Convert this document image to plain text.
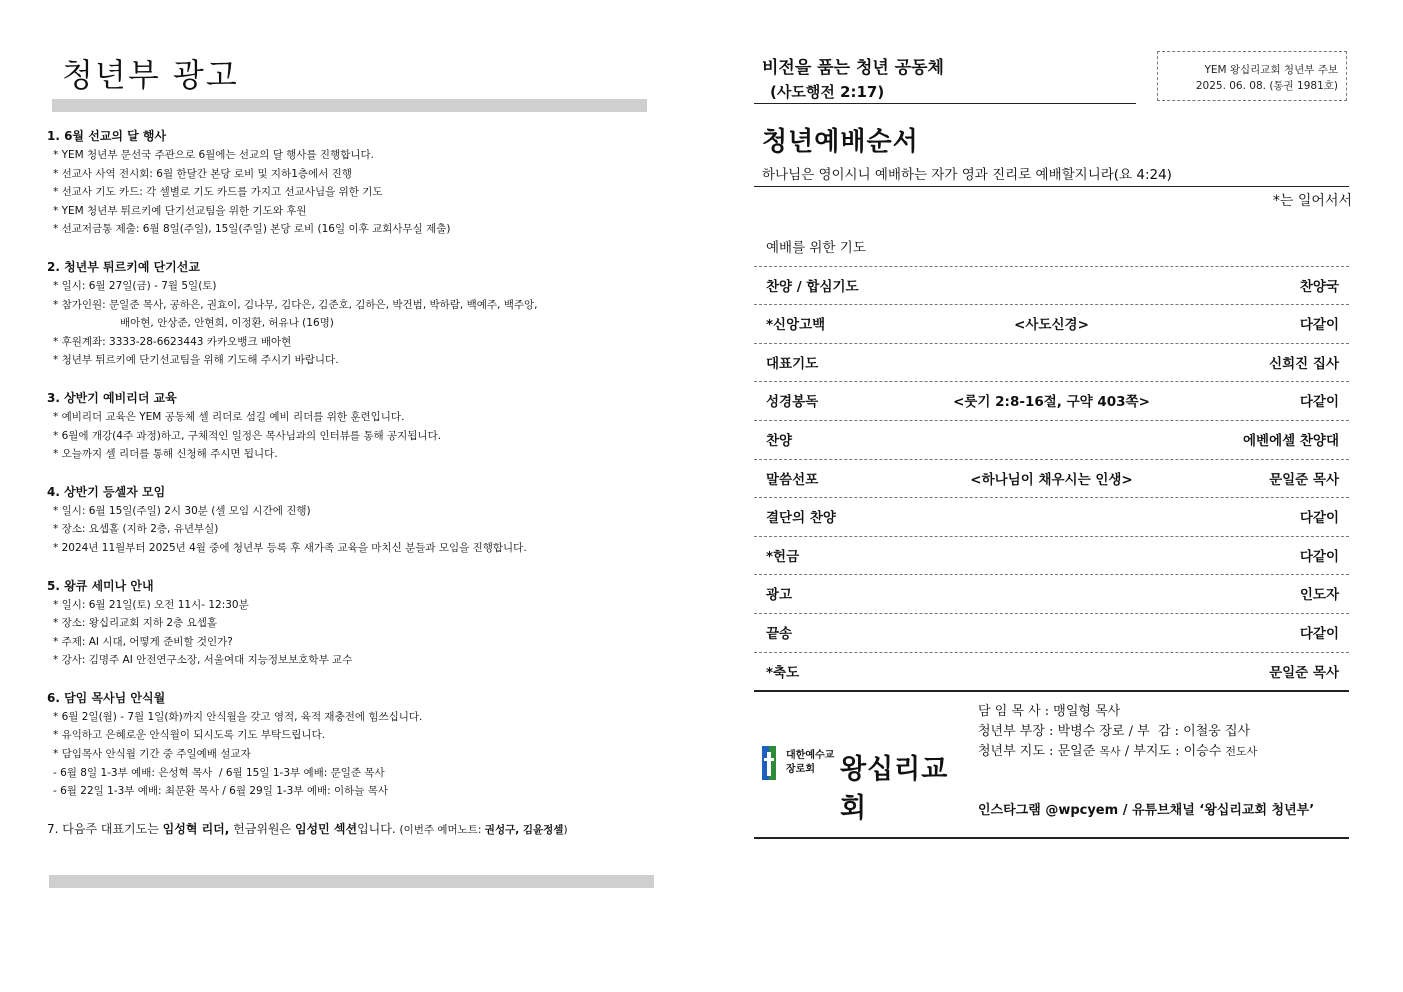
청년부 광고
1. 6월 선교의 달 행사
* YEM 청년부 문선국 주관으로 6월에는 선교의 달 행사를 진행합니다.
* 선교사 사역 전시회: 6월 한달간 본당 로비 및 지하1층에서 진행
* 선교사 기도 카드: 각 셀별로 기도 카드를 가지고 선교사님을 위한 기도
* YEM 청년부 튀르키예 단기선교팀을 위한 기도와 후원
* 선교저금통 제출: 6월 8일(주일), 15일(주일) 본당 로비 (16일 이후 교회사무실 제출)
2. 청년부 튀르키예 단기선교
* 일시: 6월 27일(금) - 7월 5일(토)
* 참가인원: 문일준 목사, 공하은, 권효이, 김나무, 김다은, 김준호, 김하은, 박건범, 박하람, 백예주, 백주앙,
배아현, 안상준, 안현희, 이정환, 허유나 (16명)
* 후원계좌: 3333-28-6623443 카카오뱅크 배아현
* 청년부 튀르키예 단기선교팀을 위해 기도해 주시기 바랍니다.
3. 상반기 예비리더 교육
* 예비리더 교육은 YEM 공동체 셀 리더로 섬길 예비 리더를 위한 훈련입니다.
* 6월에 개강(4주 과정)하고, 구체적인 일정은 목사님과의 인터뷰를 통해 공지됩니다.
* 오늘까지 셀 리더를 통해 신청해 주시면 됩니다.
4. 상반기 등셀자 모임
* 일시: 6월 15일(주일) 2시 30분 (셀 모임 시간에 진행)
* 장소: 요셉홀 (지하 2층, 유년부실)
* 2024년 11월부터 2025년 4월 중에 청년부 등록 후 새가족 교육을 마치신 분들과 모임을 진행합니다.
5. 왕큐 세미나 안내
* 일시: 6월 21일(토) 오전 11시- 12:30분
* 장소: 왕십리교회 지하 2층 요셉홀
* 주제: AI 시대, 어떻게 준비할 것인가?
* 강사: 김명주 AI 안전연구소장, 서울여대 지능정보보호학부 교수
6. 담임 목사님 안식월
* 6월 2일(월) - 7월 1일(화)까지 안식월을 갖고 영적, 육적 재충전에 힘쓰십니다.
* 유익하고 은혜로운 안식월이 되시도록 기도 부탁드립니다.
* 담임목사 안식월 기간 중 주일예배 설교자
- 6월 8일 1-3부 예배: 은성혁 목사  / 6월 15일 1-3부 예배: 문일준 목사
- 6월 22일 1-3부 예배: 최문환 목사 / 6월 29일 1-3부 예배: 이하늘 목사
7. 다음주 대표기도는 임성혁 리더, 헌금위원은 임성민 섹션입니다. (이번주 예머노트: 권성구, 김윤정셀)
비전을 품는 청년 공동체
(사도행전 2:17)
YEM 왕십리교회 청년부 주보
2025. 06. 08. (통권 1981호)
청년예배순서
하나님은 영이시니 예배하는 자가 영과 진리로 예배할지니라(요 4:24)
*는 일어서서
예배를 위한 기도
찬양 / 합심기도	찬양국
*신앙고백	<사도신경>	다같이
대표기도	신희진 집사
성경봉독	<룻기 2:8-16절, 구약 403쪽>	다같이
찬양	에벤에셀 찬양대
말씀선포	<하나님이 채우시는 인생>	문일준 목사
결단의 찬양	다같이
*헌금	다같이
광고	인도자
끝송	다같이
*축도	문일준 목사
대한예수교
장로회 왕십리교회
담 임 목 사 : 맹일형 목사
청년부 부장 : 박병수 장로 / 부  감 : 이철웅 집사
청년부 지도 : 문일준 목사 / 부지도 : 이승수 전도사
인스타그램 @wpcyem / 유튜브채널 ‘왕십리교회 청년부’
